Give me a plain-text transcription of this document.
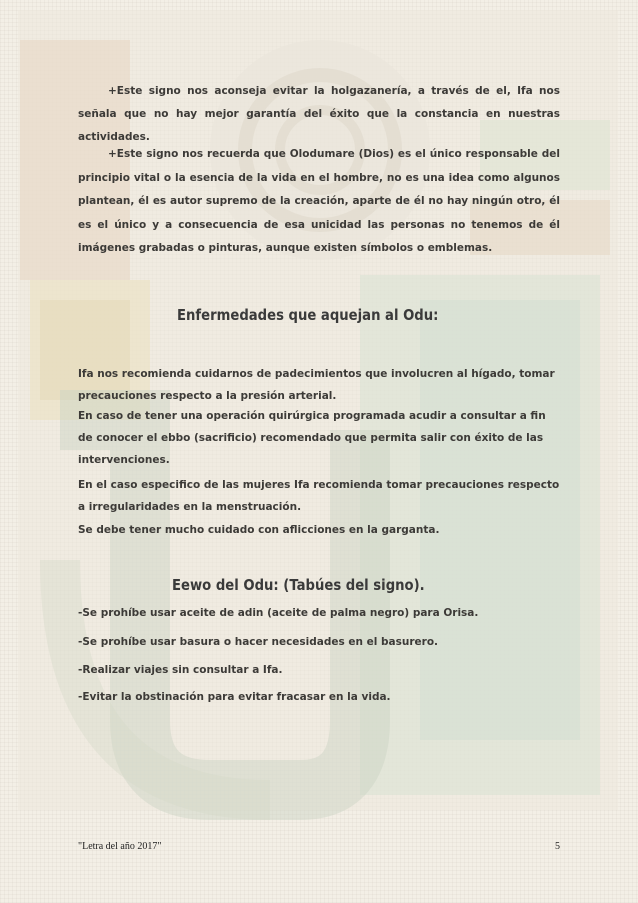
+Este signo nos aconseja evitar la holgazanería, a través de el, Ifa nos señala que no hay mejor garantía del éxito que la constancia en nuestras actividades.

+Este signo nos recuerda que Olodumare (Dios) es el único responsable del principio vital o la esencia de la vida en el hombre, no es una idea como algunos plantean, él es autor supremo de la creación, aparte de él no hay ningún otro, él es el único y a consecuencia de esa unicidad las personas no tenemos de él imágenes grabadas o pinturas, aunque existen símbolos o emblemas.

Enfermedades que aquejan al Odu:

Ifa nos recomienda cuidarnos de padecimientos que involucren al hígado, tomar precauciones respecto a la presión arterial.

En caso de tener una operación quirúrgica programada acudir a consultar a fin de conocer el ebbo (sacrificio) recomendado que permita salir con éxito de las intervenciones.

En el caso especifico de las mujeres Ifa recomienda tomar precauciones respecto a irregularidades en la menstruación.

Se debe tener mucho cuidado con aflicciones en la garganta.

Eewo del Odu: (Tabúes del signo).

-Se prohíbe usar aceite de adin (aceite de palma negro) para Orisa.

-Se prohíbe usar basura o hacer necesidades en el basurero.

-Realizar viajes sin consultar a Ifa.

-Evitar la obstinación para evitar fracasar en la vida.

"Letra del año 2017"	5
